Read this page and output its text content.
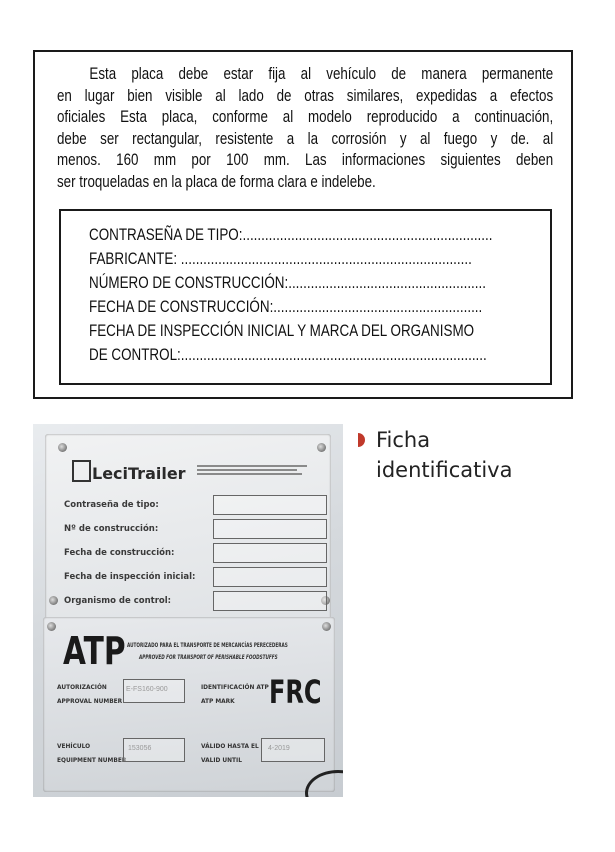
Esta placa debe estar fija al vehículo de manera permanente
en lugar bien visible al lado de otras similares, expedidas a efectos
oficiales Esta placa, conforme al modelo reproducido a continuación,
debe ser rectangular, resistente a la corrosión y al fuego y de. al
menos. 160 mm por 100 mm. Las informaciones siguientes deben
ser troqueladas en la placa de forma clara e indelebe.
CONTRASEÑA DE TIPO:...................................................................
FABRICANTE: ..............................................................................
NÚMERO DE CONSTRUCCIÓN:.....................................................
FECHA DE CONSTRUCCIÓN:........................................................
FECHA DE INSPECCIÓN INICIAL Y MARCA DEL ORGANISMO
DE CONTROL:..................................................................................
LeciTrailer
Contraseña de tipo:
Nº de construcción:
Fecha de construcción:
Fecha de inspección inicial:
Organismo de control:
ATP AUTORIZADO PARA EL TRANSPORTE DE MERCANCÍAS PERECEDERAS
APPROVED FOR TRANSPORT OF PERISHABLE FOODSTUFFS
AUTORIZACIÓN
APPROVAL NUMBER
E-FS160-900	IDENTIFICACIÓN ATP
ATP MARK FRC
VEHÍCULO
EQUIPMENT NUMBER
153056	VÁLIDO HASTA EL
VALID UNTIL
4-2019
Ficha
identificativa
